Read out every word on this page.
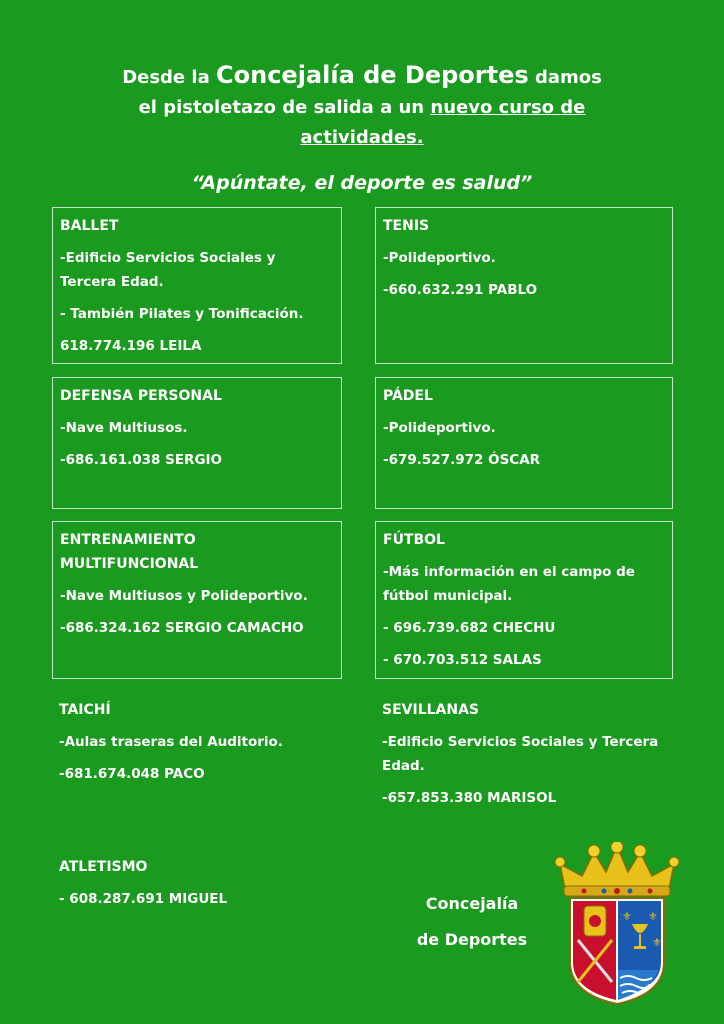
Desde la Concejalía de Deportes damos
el pistoletazo de salida a un nuevo curso de
actividades.
“Apúntate, el deporte es salud”
BALLET
-Edificio Servicios Sociales y Tercera Edad.
- También Pilates y Tonificación.
618.774.196 LEILA
TENIS
-Polideportivo.
-660.632.291 PABLO
DEFENSA PERSONAL
-Nave Multiusos.
-686.161.038 SERGIO
PÁDEL
-Polideportivo.
-679.527.972 ÓSCAR
ENTRENAMIENTO MULTIFUNCIONAL
-Nave Multiusos y Polideportivo.
-686.324.162 SERGIO CAMACHO
FÚTBOL
-Más información en el campo de fútbol municipal.
- 696.739.682 CHECHU
- 670.703.512 SALAS
TAICHÍ
-Aulas traseras del Auditorio.
-681.674.048 PACO
SEVILLANAS
-Edificio Servicios Sociales y Tercera Edad.
-657.853.380 MARISOL
ATLETISMO
- 608.287.691 MIGUEL	Concejalía
de Deportes
⚜ ⚜
⚜
